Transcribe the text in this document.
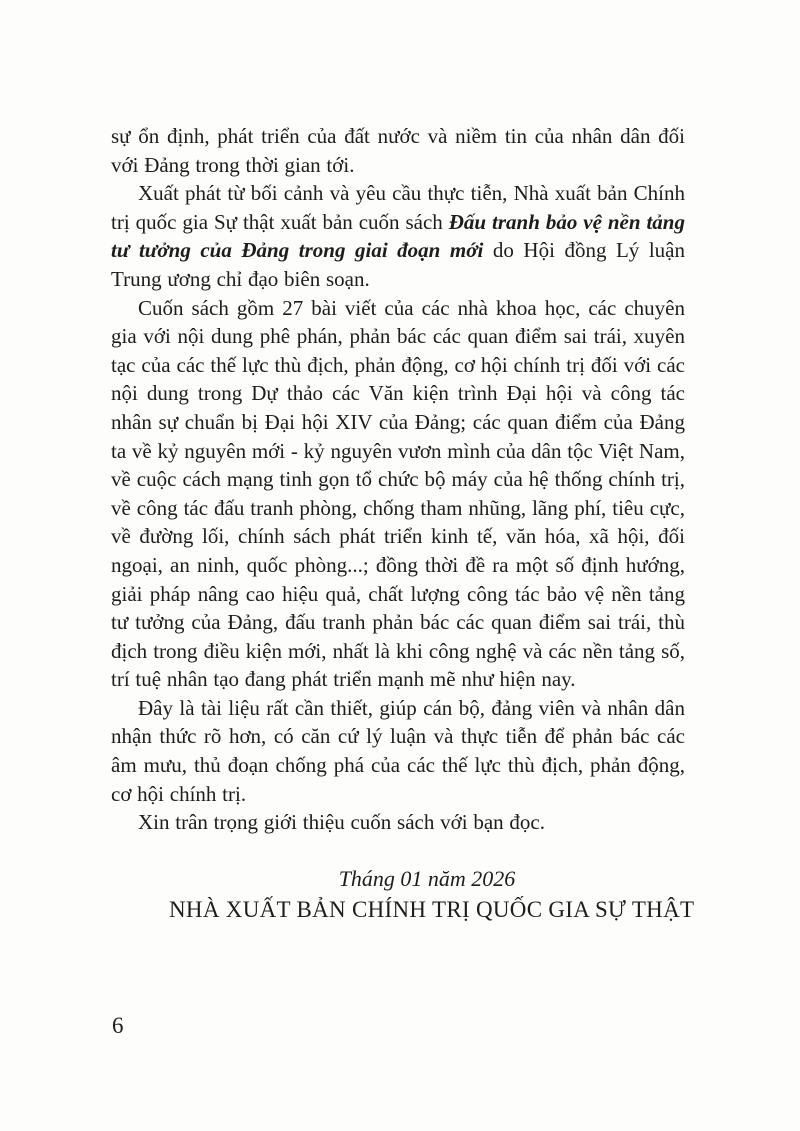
sự ổn định, phát triển của đất nước và niềm tin của nhân dân đối với Đảng trong thời gian tới.

Xuất phát từ bối cảnh và yêu cầu thực tiễn, Nhà xuất bản Chính trị quốc gia Sự thật xuất bản cuốn sách Đấu tranh bảo vệ nền tảng tư tưởng của Đảng trong giai đoạn mới do Hội đồng Lý luận Trung ương chỉ đạo biên soạn.

Cuốn sách gồm 27 bài viết của các nhà khoa học, các chuyên gia với nội dung phê phán, phản bác các quan điểm sai trái, xuyên tạc của các thế lực thù địch, phản động, cơ hội chính trị đối với các nội dung trong Dự thảo các Văn kiện trình Đại hội và công tác nhân sự chuẩn bị Đại hội XIV của Đảng; các quan điểm của Đảng ta về kỷ nguyên mới - kỷ nguyên vươn mình của dân tộc Việt Nam, về cuộc cách mạng tinh gọn tổ chức bộ máy của hệ thống chính trị, về công tác đấu tranh phòng, chống tham nhũng, lãng phí, tiêu cực, về đường lối, chính sách phát triển kinh tế, văn hóa, xã hội, đối ngoại, an ninh, quốc phòng...; đồng thời đề ra một số định hướng, giải pháp nâng cao hiệu quả, chất lượng công tác bảo vệ nền tảng tư tưởng của Đảng, đấu tranh phản bác các quan điểm sai trái, thù địch trong điều kiện mới, nhất là khi công nghệ và các nền tảng số, trí tuệ nhân tạo đang phát triển mạnh mẽ như hiện nay.

Đây là tài liệu rất cần thiết, giúp cán bộ, đảng viên và nhân dân nhận thức rõ hơn, có căn cứ lý luận và thực tiễn để phản bác các âm mưu, thủ đoạn chống phá của các thế lực thù địch, phản động, cơ hội chính trị.

Xin trân trọng giới thiệu cuốn sách với bạn đọc.

Tháng 01 năm 2026
NHÀ XUẤT BẢN CHÍNH TRỊ QUỐC GIA SỰ THẬT
6
